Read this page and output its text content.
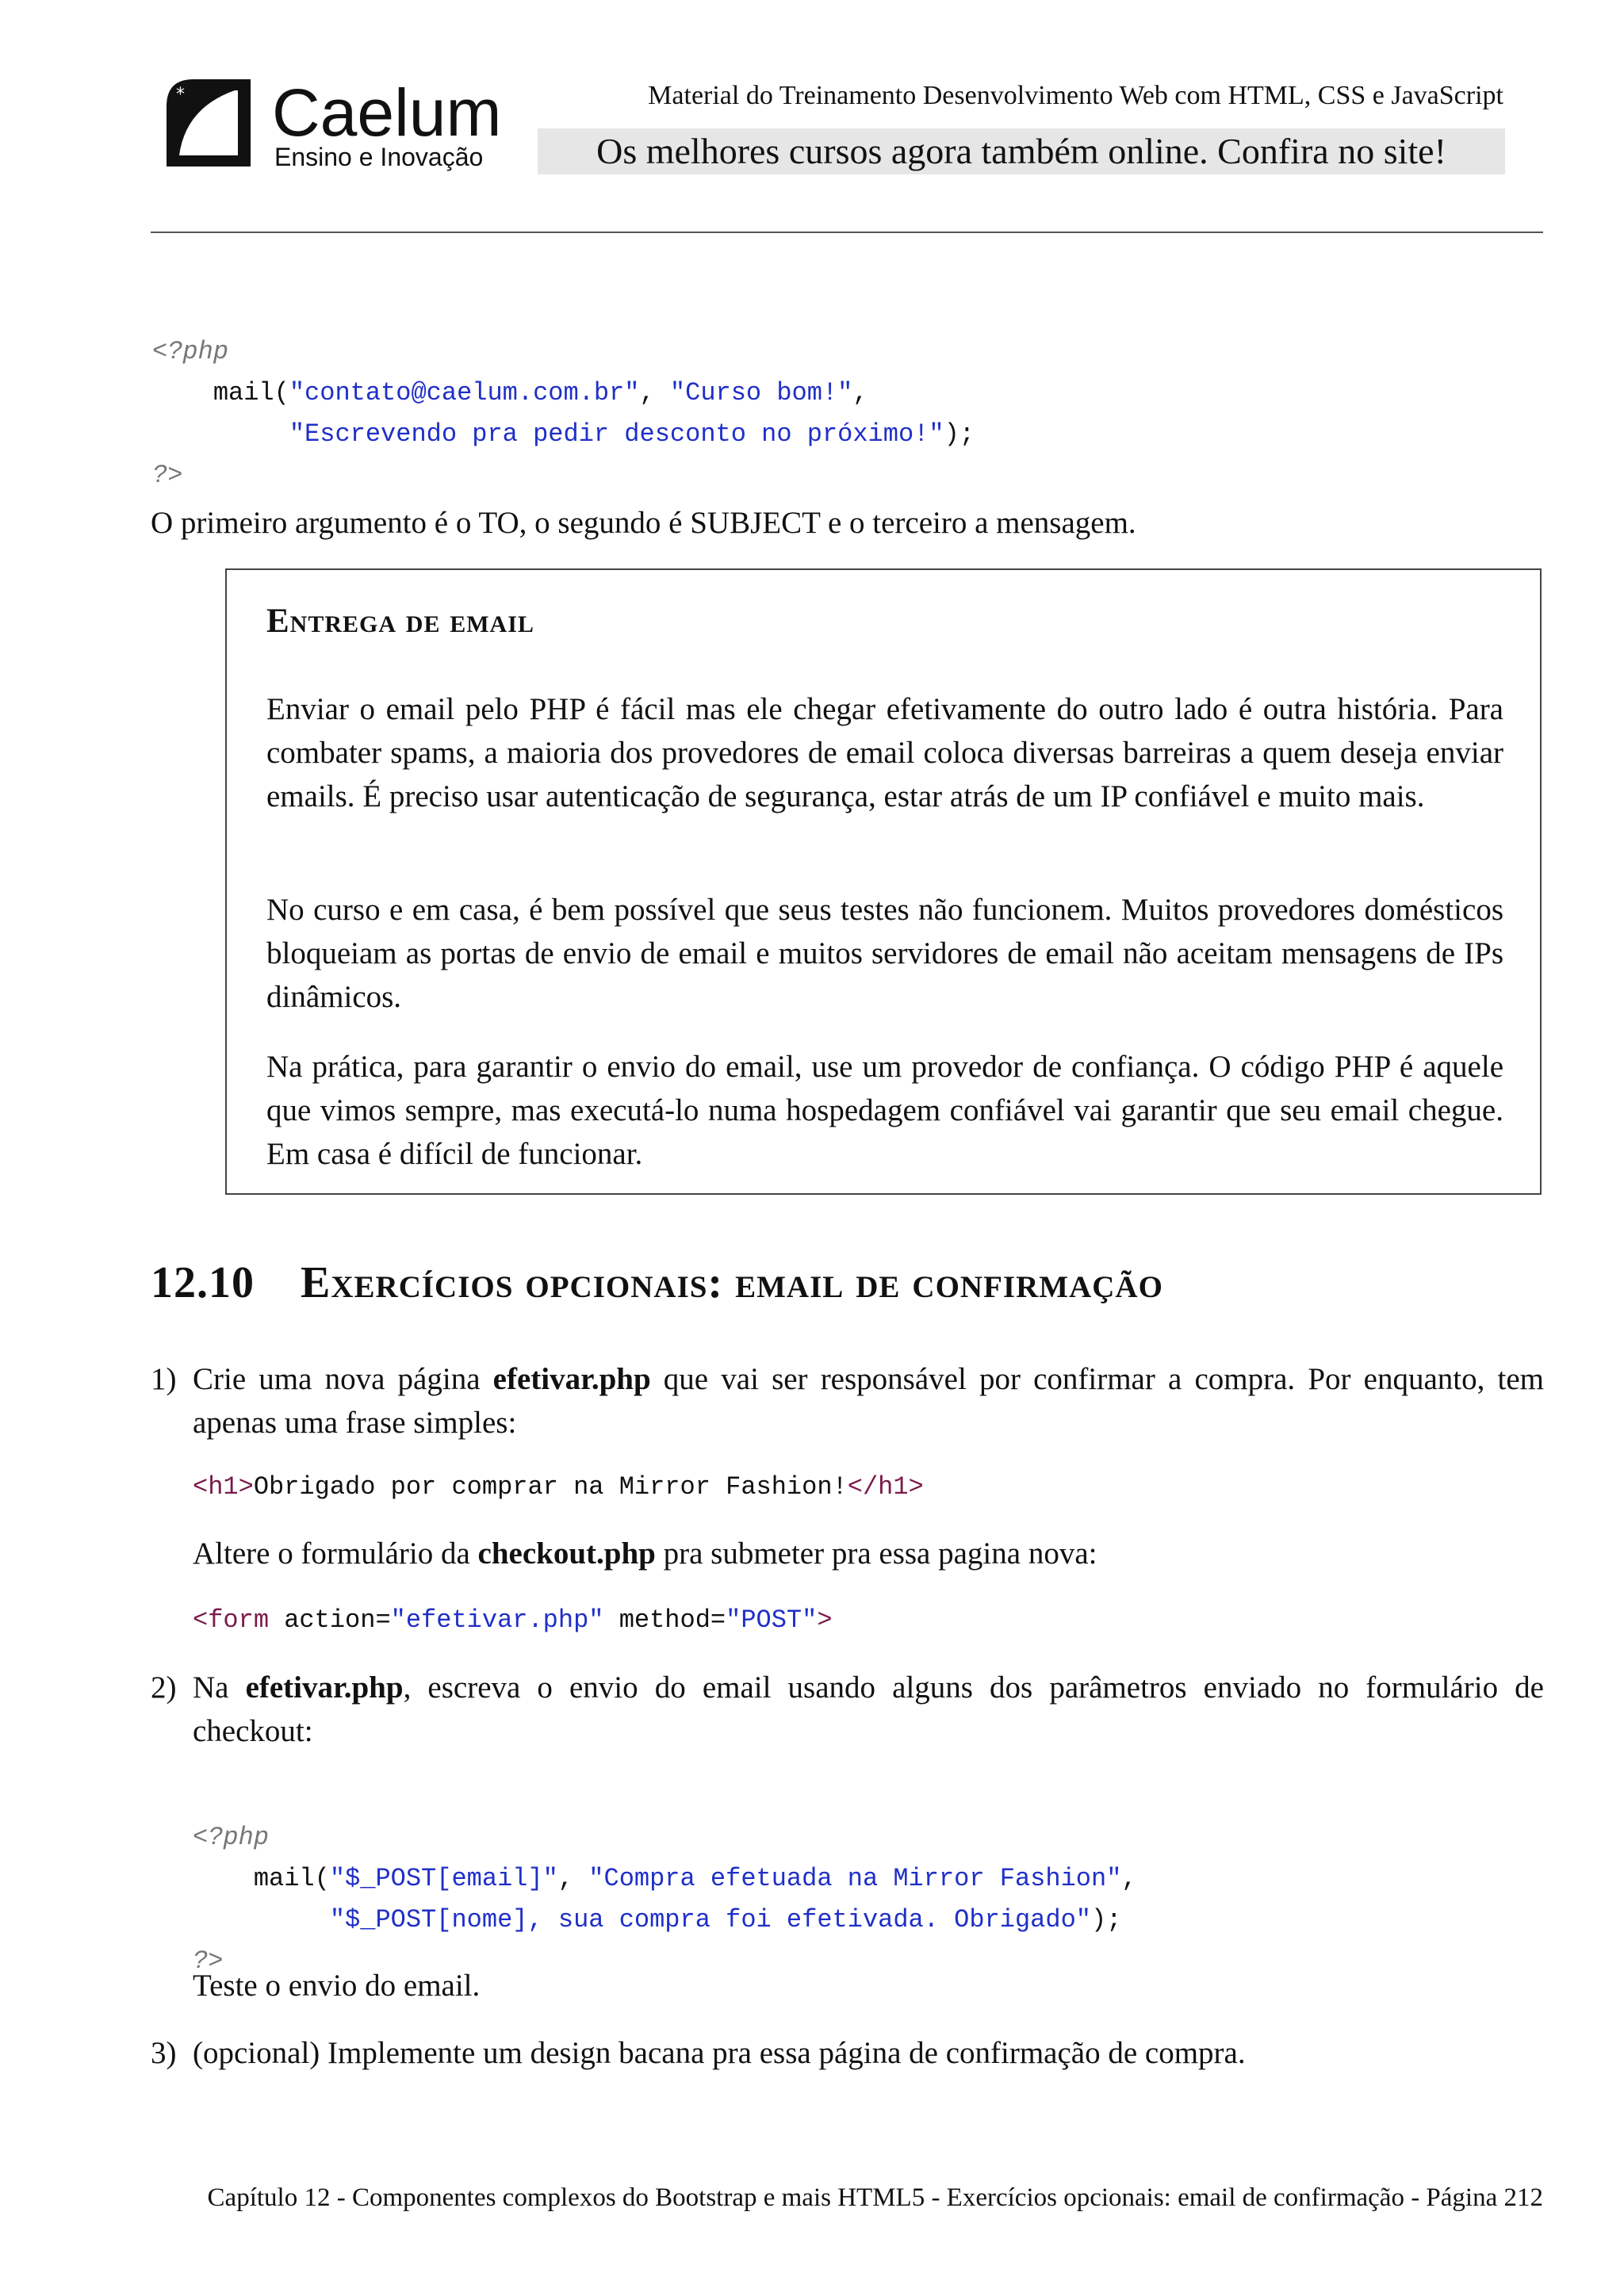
* Caelum
Ensino e Inovação
Material do Treinamento Desenvolvimento Web com HTML, CSS e JavaScript
Os melhores cursos agora também online. Confira no site!

<?php
mail("contato@caelum.com.br", "Curso bom!",
"Escrevendo pra pedir desconto no próximo!");
?>

O primeiro argumento é o TO, o segundo é SUBJECT e o terceiro a mensagem.
Entrega de email
Enviar o email pelo PHP é fácil mas ele chegar efetivamente do outro lado é outra história. Para combater spams, a maioria dos provedores de email coloca diversas barreiras a quem deseja enviar emails. É preciso usar autenticação de segurança, estar atrás de um IP confiável e muito mais.
No curso e em casa, é bem possível que seus testes não funcionem. Muitos provedores domésticos bloqueiam as portas de envio de email e muitos servidores de email não aceitam mensagens de IPs dinâmicos.
Na prática, para garantir o envio do email, use um provedor de confiança. O código PHP é aquele que vimos sempre, mas executá-lo numa hospedagem confiável vai garantir que seu email chegue. Em casa é difícil de funcionar.
12.10 Exercícios opcionais: email de confirmação
1) Crie uma nova página efetivar.php que vai ser responsável por confirmar a compra. Por enquanto, tem apenas uma frase simples:
<h1>Obrigado por comprar na Mirror Fashion!</h1>
Altere o formulário da checkout.php pra submeter pra essa pagina nova:
<form action="efetivar.php" method="POST">
2) Na efetivar.php, escreva o envio do email usando alguns dos parâmetros enviado no formulário de checkout:

<?php
mail("$_POST[email]", "Compra efetuada na Mirror Fashion",
"$_POST[nome], sua compra foi efetivada. Obrigado");
?>

Teste o envio do email.
3) (opcional) Implemente um design bacana pra essa página de confirmação de compra.
Capítulo 12 - Componentes complexos do Bootstrap e mais HTML5 - Exercícios opcionais: email de confirmação - Página 212
